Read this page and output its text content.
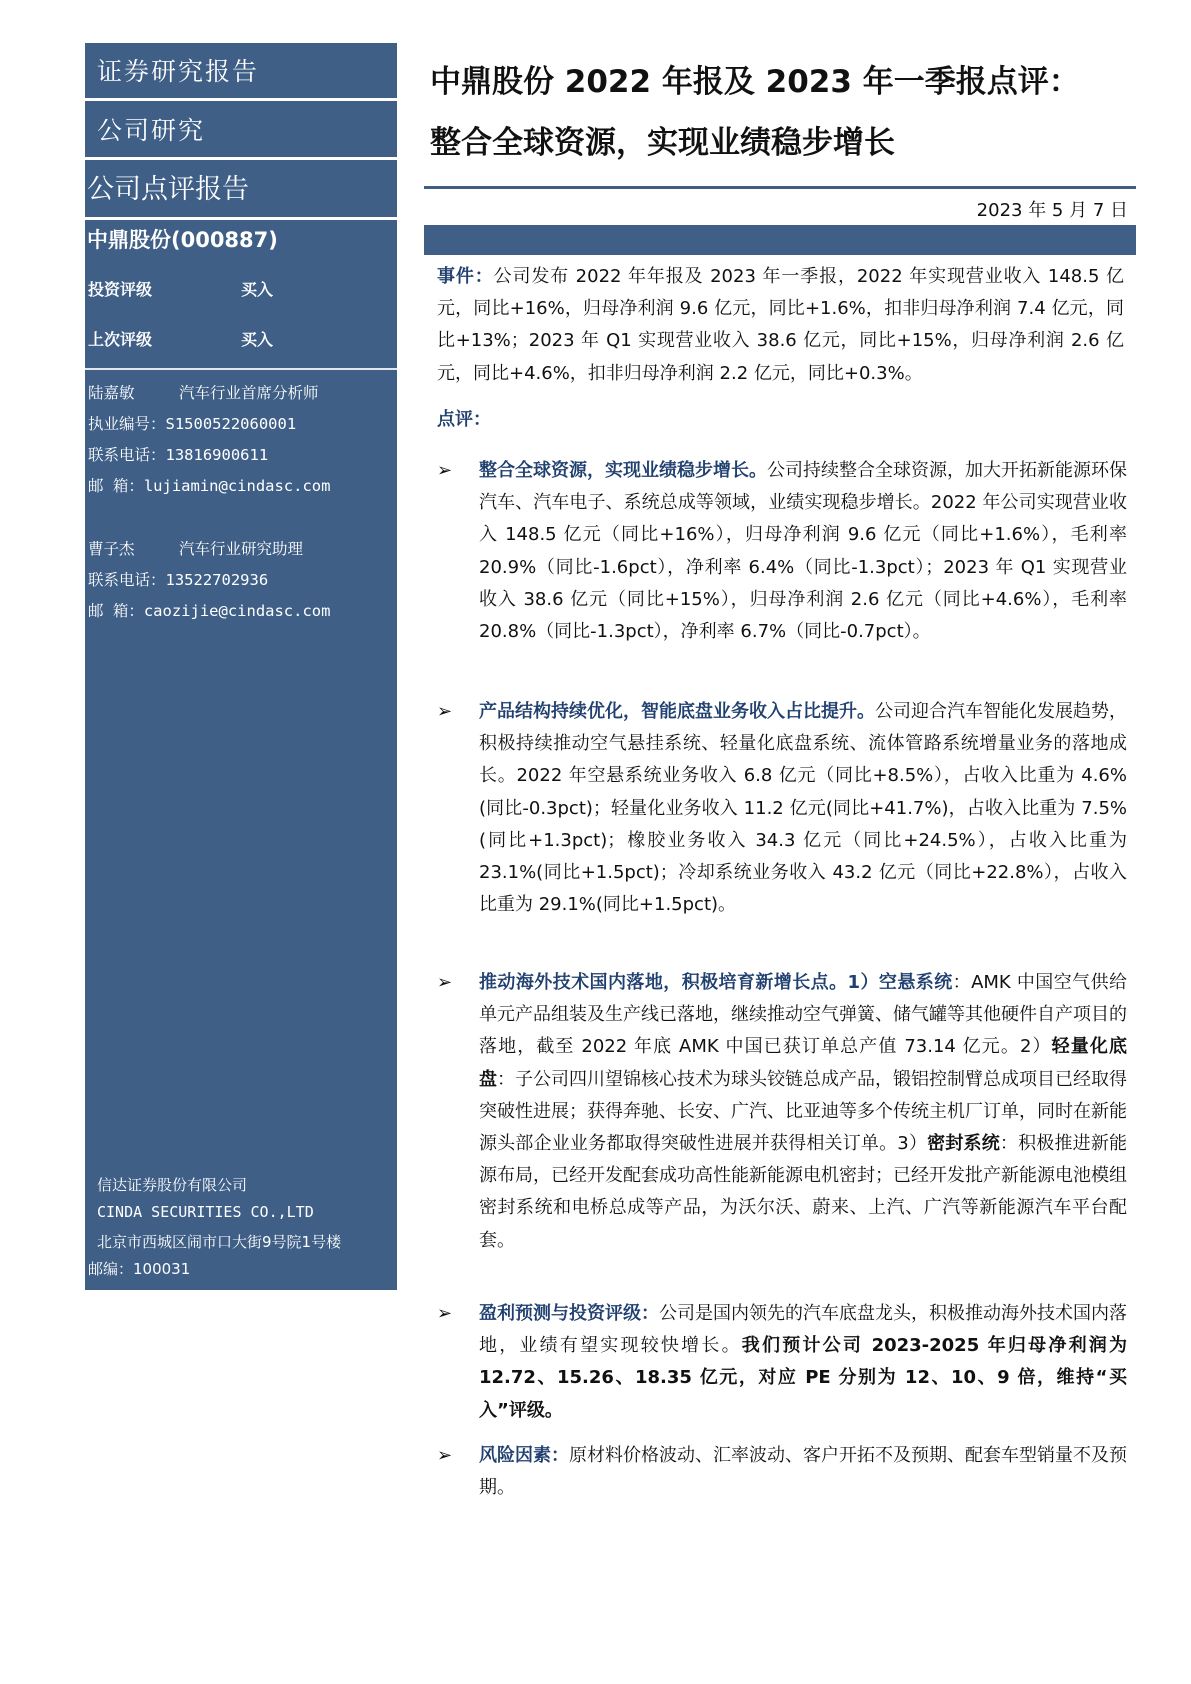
证券研究报告
公司研究
公司点评报告
中鼎股份(000887)
投资评级	买入
上次评级	买入
陆嘉敏	汽车行业首席分析师
执业编号：S1500522060001
联系电话：13816900611
邮 箱：lujiamin@cindasc.com
曹子杰	汽车行业研究助理
联系电话：13522702936
邮 箱：caozijie@cindasc.com
信达证券股份有限公司
CINDA SECURITIES CO.,LTD
北京市西城区闹市口大街9号院1号楼
邮编：100031
中鼎股份 2022 年报及 2023 年一季报点评：
整合全球资源，实现业绩稳步增长
2023 年 5 月 7 日
事件：公司发布 2022 年年报及 2023 年一季报，2022 年实现营业收入 148.5 亿元，同比+16%，归母净利润 9.6 亿元，同比+1.6%，扣非归母净利润 7.4 亿元，同比+13%；2023 年 Q1 实现营业收入 38.6 亿元，同比+15%，归母净利润 2.6 亿元，同比+4.6%，扣非归母净利润 2.2 亿元，同比+0.3%。
点评：
➢ 整合全球资源，实现业绩稳步增长。公司持续整合全球资源，加大开拓新能源环保汽车、汽车电子、系统总成等领域，业绩实现稳步增长。2022 年公司实现营业收入 148.5 亿元（同比+16%），归母净利润 9.6 亿元（同比+1.6%），毛利率 20.9%（同比-1.6pct），净利率 6.4%（同比-1.3pct）；2023 年 Q1 实现营业收入 38.6 亿元（同比+15%），归母净利润 2.6 亿元（同比+4.6%），毛利率 20.8%（同比-1.3pct），净利率 6.7%（同比-0.7pct）。
➢ 产品结构持续优化，智能底盘业务收入占比提升。公司迎合汽车智能化发展趋势，积极持续推动空气悬挂系统、轻量化底盘系统、流体管路系统增量业务的落地成长。2022 年空悬系统业务收入 6.8 亿元（同比+8.5%），占收入比重为 4.6%(同比-0.3pct)；轻量化业务收入 11.2 亿元(同比+41.7%)，占收入比重为 7.5%(同比+1.3pct)；橡胶业务收入 34.3 亿元（同比+24.5%），占收入比重为 23.1%(同比+1.5pct)；冷却系统业务收入 43.2 亿元（同比+22.8%），占收入比重为 29.1%(同比+1.5pct)。
➢ 推动海外技术国内落地，积极培育新增长点。1）空悬系统：AMK 中国空气供给单元产品组装及生产线已落地，继续推动空气弹簧、储气罐等其他硬件自产项目的落地，截至 2022 年底 AMK 中国已获订单总产值 73.14 亿元。2）轻量化底盘：子公司四川望锦核心技术为球头铰链总成产品，锻铝控制臂总成项目已经取得突破性进展；获得奔驰、长安、广汽、比亚迪等多个传统主机厂订单，同时在新能源头部企业业务都取得突破性进展并获得相关订单。3）密封系统：积极推进新能源布局，已经开发配套成功高性能新能源电机密封；已经开发批产新能源电池模组密封系统和电桥总成等产品，为沃尔沃、蔚来、上汽、广汽等新能源汽车平台配套。
➢ 盈利预测与投资评级：公司是国内领先的汽车底盘龙头，积极推动海外技术国内落地，业绩有望实现较快增长。我们预计公司 2023-2025 年归母净利润为 12.72、15.26、18.35 亿元，对应 PE 分别为 12、10、9 倍，维持“买入”评级。
➢ 风险因素：原材料价格波动、汇率波动、客户开拓不及预期、配套车型销量不及预期。
